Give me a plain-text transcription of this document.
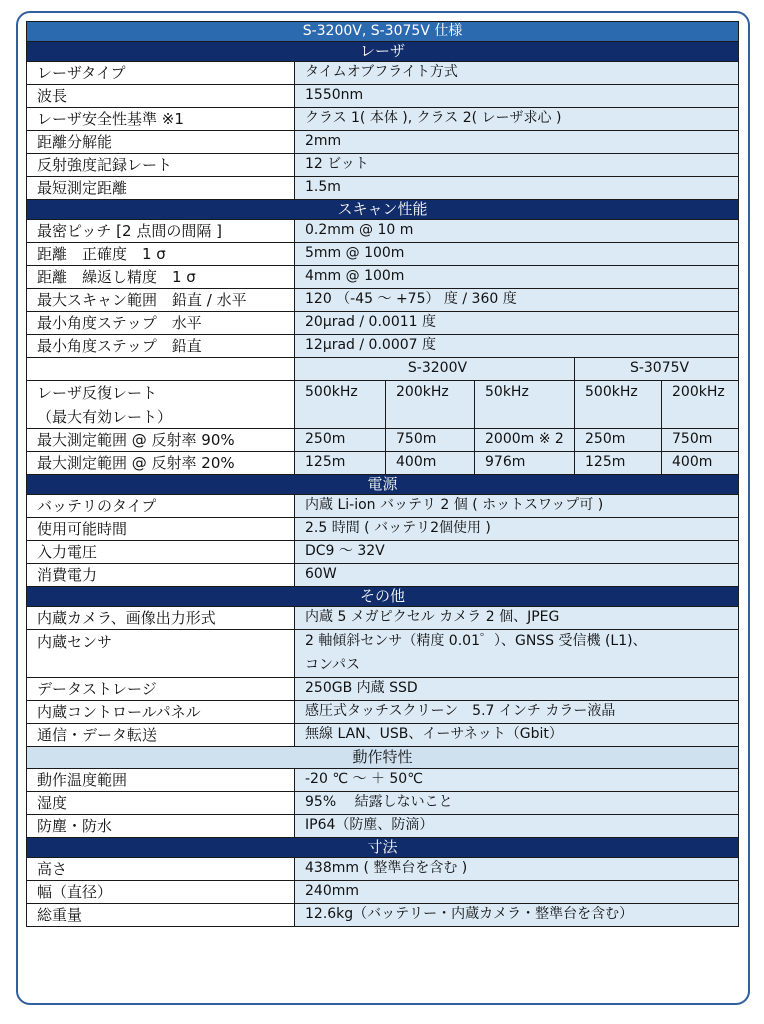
S-3200V, S-3075V 仕様					
レーザ					
レーザタイプ	タイムオブフライト方式				
波長	1550nm				
レーザ安全性基準 ※1	クラス 1( 本体 ), クラス 2( レーザ求心 )				
距離分解能	2mm				
反射強度記録レート	12 ビット				
最短測定距離	1.5m				
スキャン性能					
最密ピッチ [2 点間の間隔 ]	0.2mm @ 10 m				
距離　正確度　1 σ	5mm @ 100m				
距離　繰返し精度　1 σ	4mm @ 100m				
最大スキャン範囲　鉛直 / 水平	120 （-45 ～ +75） 度 / 360 度				
最小角度ステップ　水平	20μrad / 0.0011 度				
最小角度ステップ　鉛直	12μrad / 0.0007 度				
	S-3200V			S-3075V	
レーザ反復レート
（最大有効レート）	500kHz	200kHz	50kHz	500kHz	200kHz
最大測定範囲 @ 反射率 90%	250m	750m	2000m ※ 2	250m	750m
最大測定範囲 @ 反射率 20%	125m	400m	976m	125m	400m
電源					
バッテリのタイプ	内蔵 Li-ion バッテリ 2 個 ( ホットスワップ可 )				
使用可能時間	2.5 時間 ( バッテリ2個使用 )				
入力電圧	DC9 ～ 32V				
消費電力	60W				
その他					
内蔵カメラ、画像出力形式	内蔵 5 メガピクセル カメラ 2 個、JPEG				
内蔵センサ	2 軸傾斜センサ（精度 0.01゜）、GNSS 受信機 (L1)、
コンパス				

データストレージ	250GB 内蔵 SSD				
内蔵コントロールパネル	感圧式タッチスクリーン　5.7 インチ カラー液晶				
通信・データ転送	無線 LAN、USB、イーサネット（Gbit）				
動作特性					
動作温度範囲	-20 ℃ ～ ＋ 50℃				
湿度	95%　 結露しないこと				
防塵・防水	IP64（防塵、防滴）				
寸法					
高さ	438mm ( 整準台を含む )				
幅（直径）	240mm				
総重量	12.6kg（バッテリー・内蔵カメラ・整準台を含む）				
